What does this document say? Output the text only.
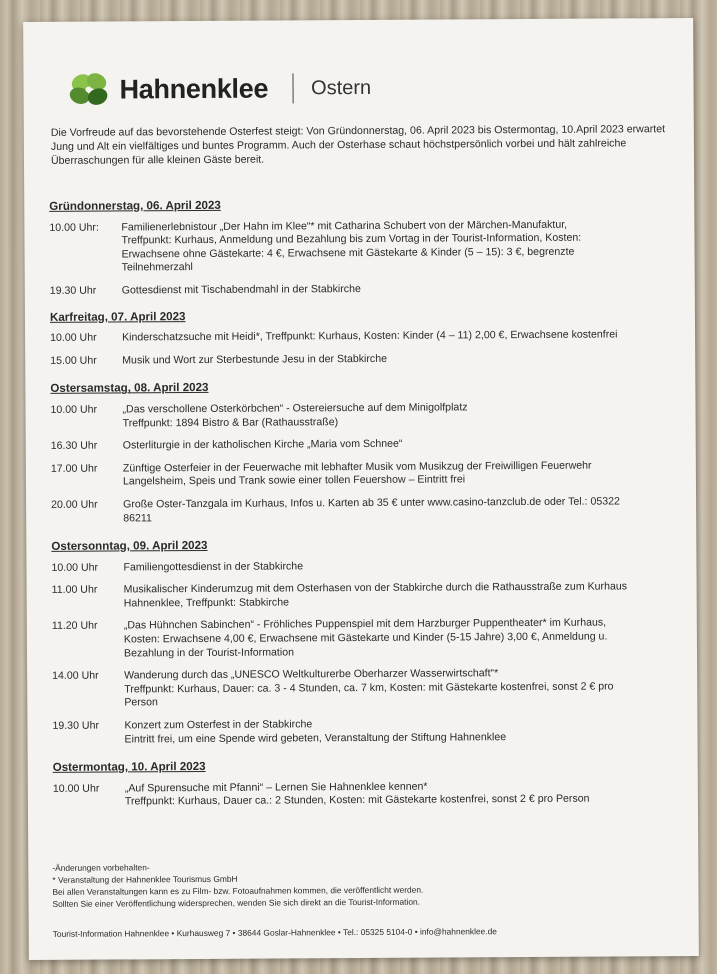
Hahnenklee Ostern
Die Vorfreude auf das bevorstehende Osterfest steigt: Von Gründonnerstag, 06. April 2023 bis Ostermontag, 10.April 2023 erwartet Jung und Alt ein vielfältiges und buntes Programm. Auch der Osterhase schaut höchstpersönlich vorbei und hält zahlreiche Überraschungen für alle kleinen Gäste bereit.
Gründonnerstag, 06. April 2023
10.00 Uhr:	Familienerlebnistour „Der Hahn im Klee“* mit Catharina Schubert von der Märchen-Manufaktur,
Treffpunkt: Kurhaus, Anmeldung und Bezahlung bis zum Vortag in der Tourist-Information, Kosten:
Erwachsene ohne Gästekarte: 4 €, Erwachsene mit Gästekarte & Kinder (5 – 15): 3 €, begrenzte
Teilnehmerzahl
19.30 Uhr	Gottesdienst mit Tischabendmahl in der Stabkirche
Karfreitag, 07. April 2023
10.00 Uhr	Kinderschatzsuche mit Heidi*, Treffpunkt: Kurhaus, Kosten: Kinder (4 – 11) 2,00 €, Erwachsene kostenfrei
15.00 Uhr	Musik und Wort zur Sterbestunde Jesu in der Stabkirche
Ostersamstag, 08. April 2023
10.00 Uhr	„Das verschollene Osterkörbchen“ - Ostereiersuche auf dem Minigolfplatz
Treffpunkt: 1894 Bistro & Bar (Rathausstraße)
16.30 Uhr	Osterliturgie in der katholischen Kirche „Maria vom Schnee“
17.00 Uhr	Zünftige Osterfeier in der Feuerwache mit lebhafter Musik vom Musikzug der Freiwilligen Feuerwehr
Langelsheim, Speis und Trank sowie einer tollen Feuershow – Eintritt frei
20.00 Uhr	Große Oster-Tanzgala im Kurhaus, Infos u. Karten ab 35 € unter www.casino-tanzclub.de oder Tel.: 05322
86211
Ostersonntag, 09. April 2023
10.00 Uhr	Familiengottesdienst in der Stabkirche
11.00 Uhr	Musikalischer Kinderumzug mit dem Osterhasen von der Stabkirche durch die Rathausstraße zum Kurhaus
Hahnenklee, Treffpunkt: Stabkirche
11.20 Uhr	„Das Hühnchen Sabinchen“ - Fröhliches Puppenspiel mit dem Harzburger Puppentheater* im Kurhaus,
Kosten: Erwachsene 4,00 €, Erwachsene mit Gästekarte und Kinder (5-15 Jahre) 3,00 €, Anmeldung u.
Bezahlung in der Tourist-Information
14.00 Uhr	Wanderung durch das „UNESCO Weltkulturerbe Oberharzer Wasserwirtschaft“*
Treffpunkt: Kurhaus, Dauer: ca. 3 - 4 Stunden, ca. 7 km, Kosten: mit Gästekarte kostenfrei, sonst 2 € pro
Person
19.30 Uhr	Konzert zum Osterfest in der Stabkirche
Eintritt frei, um eine Spende wird gebeten, Veranstaltung der Stiftung Hahnenklee
Ostermontag, 10. April 2023
10.00 Uhr	„Auf Spurensuche mit Pfanni“ – Lernen Sie Hahnenklee kennen*
Treffpunkt: Kurhaus, Dauer ca.: 2 Stunden, Kosten: mit Gästekarte kostenfrei, sonst 2 € pro Person
-Änderungen vorbehalten-
* Veranstaltung der Hahnenklee Tourismus GmbH
Bei allen Veranstaltungen kann es zu Film- bzw. Fotoaufnahmen kommen, die veröffentlicht werden.
Sollten Sie einer Veröffentlichung widersprechen, wenden Sie sich direkt an die Tourist-Information.
Tourist-Information Hahnenklee • Kurhausweg 7 • 38644 Goslar-Hahnenklee • Tel.: 05325 5104-0 • info@hahnenklee.de
